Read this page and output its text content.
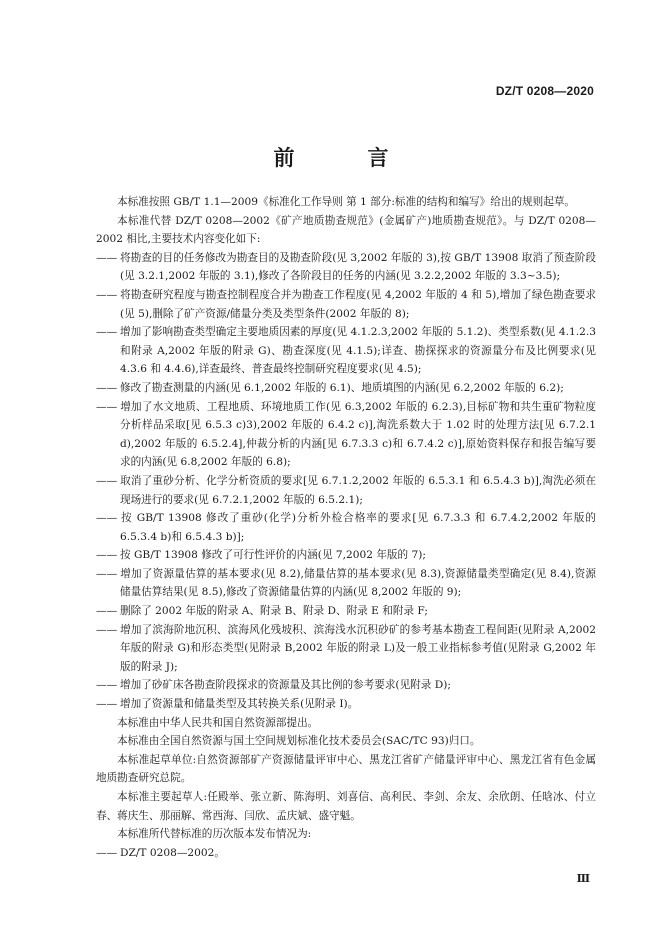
DZ/T 0208—2020
前　言
本标准按照 GB/T 1.1—2009《标准化工作导则 第 1 部分:标准的结构和编写》给出的规则起草。
本标准代替 DZ/T 0208—2002《矿产地质勘查规范》(金属矿产)地质勘查规范》。与 DZ/T 0208—2002 相比,主要技术内容变化如下:
—— 将勘查的目的任务修改为勘查目的及勘查阶段(见 3,2002 年版的 3),按 GB/T 13908 取消了预查阶段(见 3.2.1,2002 年版的 3.1),修改了各阶段目的任务的内涵(见 3.2.2,2002 年版的 3.3~3.5);
—— 将勘查研究程度与勘查控制程度合并为勘查工作程度(见 4,2002 年版的 4 和 5),增加了绿色勘查要求(见 5),删除了矿产资源/储量分类及类型条件(2002 年版的 8);
—— 增加了影响勘查类型确定主要地质因素的厚度(见 4.1.2.3,2002 年版的 5.1.2)、类型系数(见 4.1.2.3 和附录 A,2002 年版的附录 G)、勘查深度(见 4.1.5);详查、勘探探求的资源量分布及比例要求(见 4.3.6 和 4.4.6),详查最终、普查最终控制研究程度要求(见 4.5);
—— 修改了勘查测量的内涵(见 6.1,2002 年版的 6.1)、地质填图的内涵(见 6.2,2002 年版的 6.2);
—— 增加了水文地质、工程地质、环境地质工作(见 6.3,2002 年版的 6.2.3),目标矿物和共生重矿物粒度分析样品采取[见 6.5.3 c)3),2002 年版的 6.4.2 c)],淘洗系数大于 1.02 时的处理方法[见 6.7.2.1 d),2002 年版的 6.5.2.4],仲裁分析的内涵[见 6.7.3.3 c)和 6.7.4.2 c)],原始资料保存和报告编写要求的内涵(见 6.8,2002 年版的 6.8);
—— 取消了重砂分析、化学分析资质的要求[见 6.7.1.2,2002 年版的 6.5.3.1 和 6.5.4.3 b)],淘洗必须在现场进行的要求(见 6.7.2.1,2002 年版的 6.5.2.1);
—— 按 GB/T 13908 修改了重砂(化学)分析外检合格率的要求[见 6.7.3.3 和 6.7.4.2,2002 年版的 6.5.3.4 b)和 6.5.4.3 b)];
—— 按 GB/T 13908 修改了可行性评价的内涵(见 7,2002 年版的 7);
—— 增加了资源量估算的基本要求(见 8.2),储量估算的基本要求(见 8.3),资源储量类型确定(见 8.4),资源储量估算结果(见 8.5),修改了资源储量估算的内涵(见 8,2002 年版的 9);
—— 删除了 2002 年版的附录 A、附录 B、附录 D、附录 E 和附录 F;
—— 增加了滨海阶地沉积、滨海风化残坡积、滨海浅水沉积砂矿的参考基本勘查工程间距(见附录 A,2002 年版的附录 G)和形态类型(见附录 B,2002 年版的附录 L)及一般工业指标参考值(见附录 G,2002 年版的附录 J);
—— 增加了砂矿床各勘查阶段探求的资源量及其比例的参考要求(见附录 D);
—— 增加了资源量和储量类型及其转换关系(见附录 I)。
本标准由中华人民共和国自然资源部提出。
本标准由全国自然资源与国土空间规划标准化技术委员会(SAC/TC 93)归口。
本标准起草单位:自然资源部矿产资源储量评审中心、黑龙江省矿产储量评审中心、黑龙江省有色金属地质勘查研究总院。
本标准主要起草人:任殿举、张立新、陈海明、刘喜信、高利民、李剑、余友、余欣朗、任晗冰、付立春、蒋庆生、那丽解、常西海、闫欣、孟庆斌、盛守魁。
本标准所代替标准的历次版本发布情况为:
—— DZ/T 0208—2002。
Ⅲ
